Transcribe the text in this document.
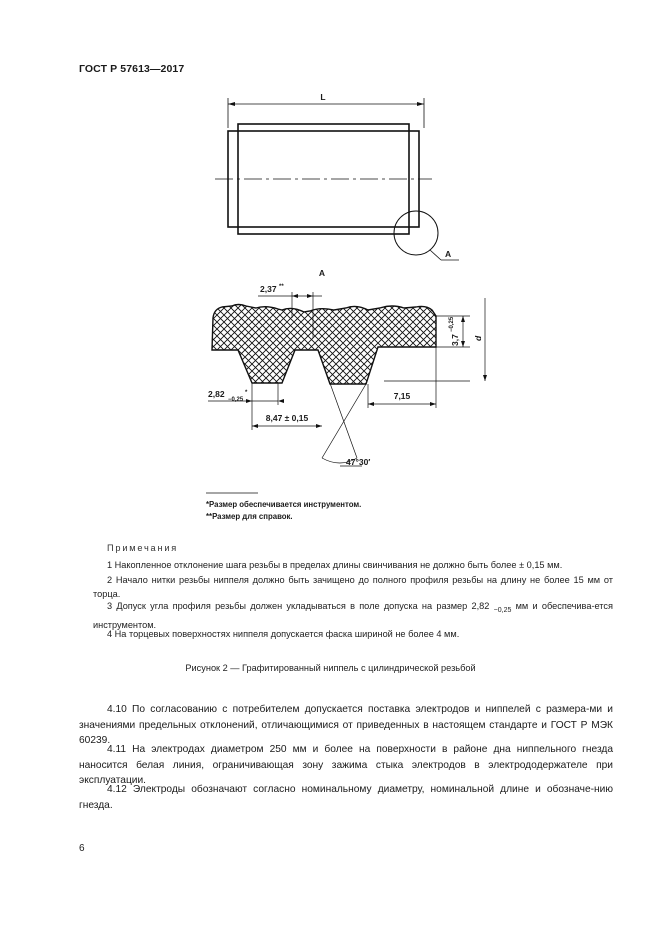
ГОСТ Р 57613—2017
L
A
A
2,37 **
2,82
−0,25
*
8,47 ± 0,15
7,15
47°30′
3,7
−0,25
d
*Размер обеспечивается инструментом.
**Размер для справок.
Примечания
1 Накопленное отклонение шага резьбы в пределах длины свинчивания не должно быть более ± 0,15 мм.
2 Начало нитки резьбы ниппеля должно быть зачищено до полного профиля резьбы на длину не более 15 мм от торца.
3 Допуск угла профиля резьбы должен укладываться в поле допуска на размер 2,82 $_{-0,25}$ мм и обеспечива-ется инструментом.
4 На торцевых поверхностях ниппеля допускается фаска шириной не более 4 мм.
Рисунок 2 — Графитированный ниппель с цилиндрической резьбой
4.10 По согласованию с потребителем допускается поставка электродов и ниппелей с размера-ми и значениями предельных отклонений, отличающимися от приведенных в настоящем стандарте и ГОСТ Р МЭК 60239.
4.11 На электродах диаметром 250 мм и более на поверхности в районе дна ниппельного гнезда наносится белая линия, ограничивающая зону зажима стыка электродов в электрододержателе при эксплуатации.
4.12 Электроды обозначают согласно номинальному диаметру, номинальной длине и обозначе-нию гнезда.
6
